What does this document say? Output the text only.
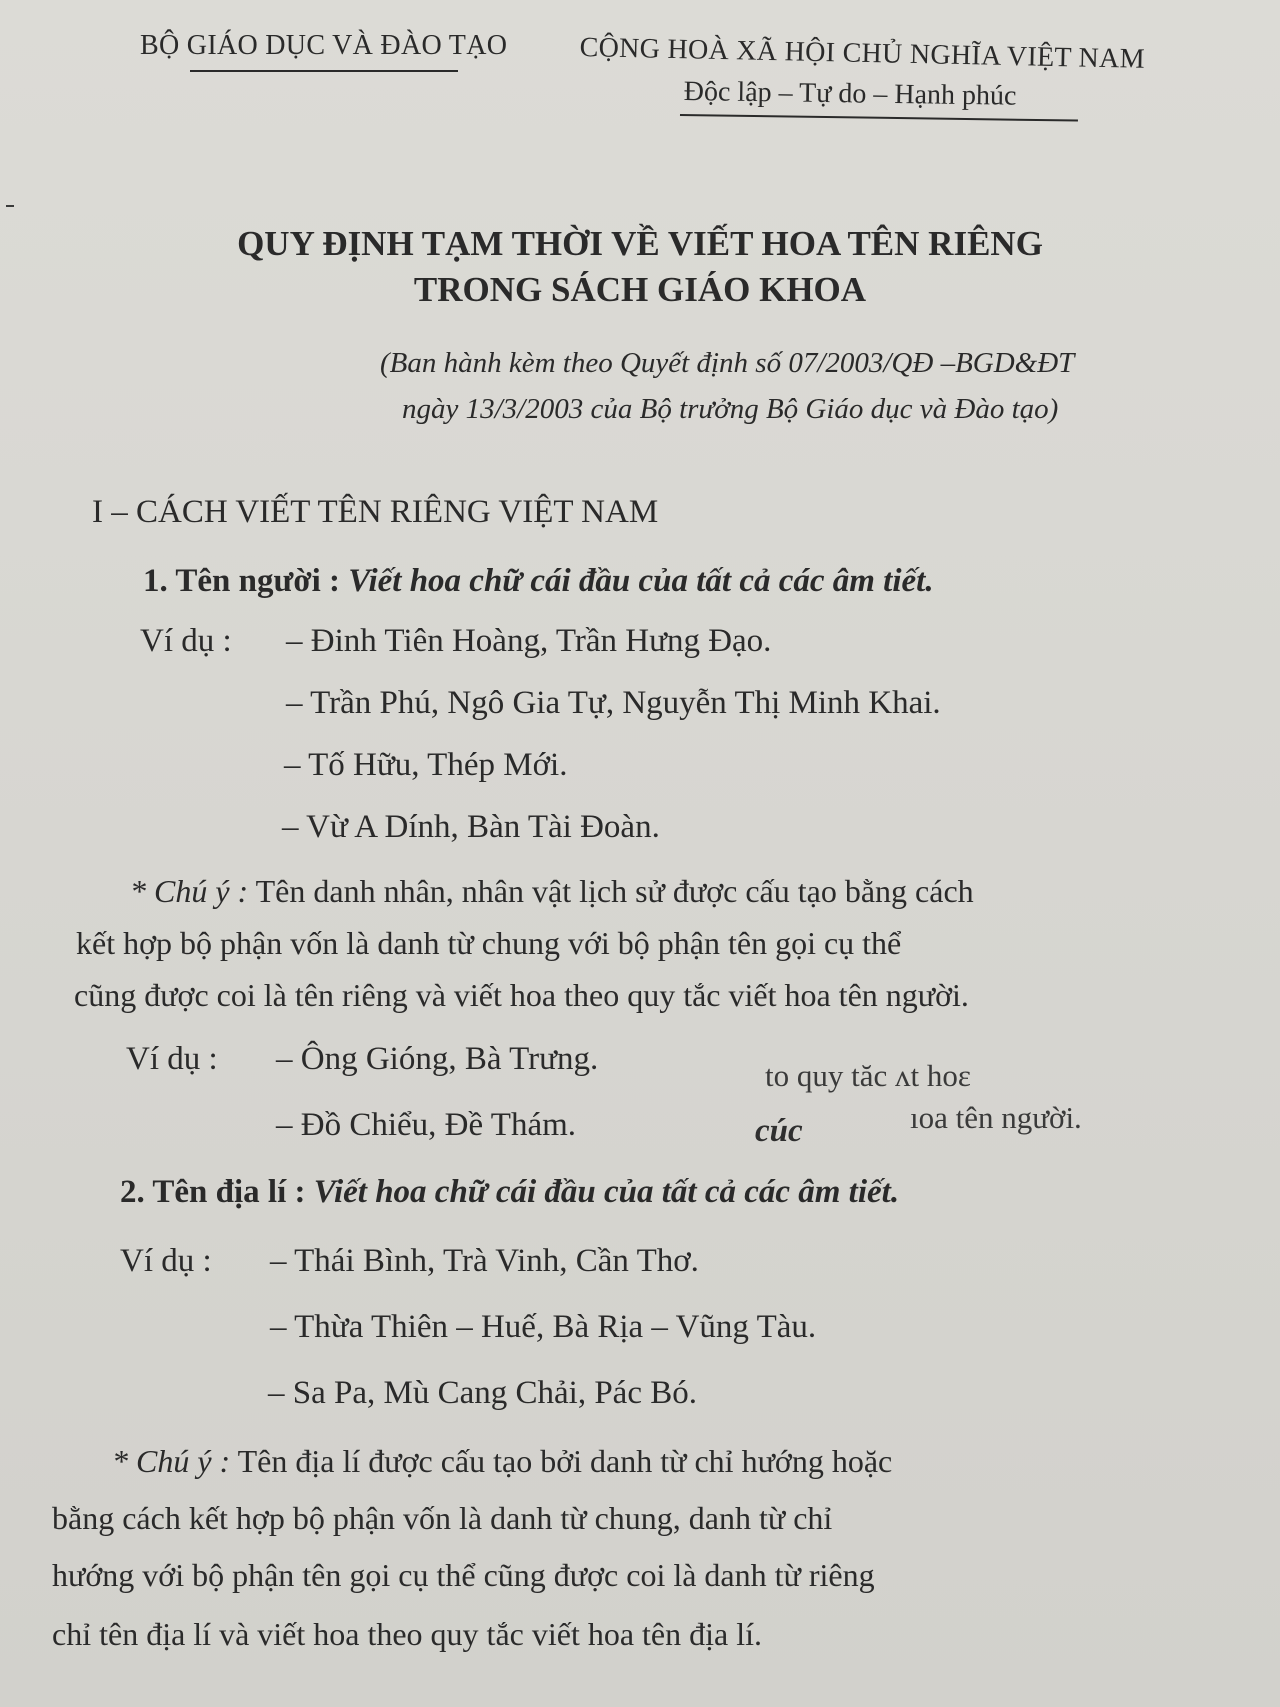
BỘ GIÁO DỤC VÀ ĐÀO TẠO	CỘNG HOÀ XÃ HỘI CHỦ NGHĨA VIỆT NAM
Độc lập – Tự do – Hạnh phúc
QUY ĐỊNH TẠM THỜI VỀ VIẾT HOA TÊN RIÊNG
TRONG SÁCH GIÁO KHOA
(Ban hành kèm theo Quyết định số 07/2003/QĐ –BGD&ĐT
ngày 13/3/2003 của Bộ trưởng Bộ Giáo dục và Đào tạo)
I – CÁCH VIẾT TÊN RIÊNG VIỆT NAM
1. Tên người : Viết hoa chữ cái đầu của tất cả các âm tiết.
Ví dụ : – Đinh Tiên Hoàng, Trần Hưng Đạo.
– Trần Phú, Ngô Gia Tự, Nguyễn Thị Minh Khai.
– Tố Hữu, Thép Mới.
– Vừ A Dính, Bàn Tài Đoàn.
* Chú ý : Tên danh nhân, nhân vật lịch sử được cấu tạo bằng cách
kết hợp bộ phận vốn là danh từ chung với bộ phận tên gọi cụ thể
cũng được coi là tên riêng và viết hoa theo quy tắc viết hoa tên người.
Ví dụ : – Ông Gióng, Bà Trưng.
– Đồ Chiểu, Đề Thám.
to quy tăc ʌt hoɛ
cúc	ıoa tên người.
2. Tên địa lí : Viết hoa chữ cái đầu của tất cả các âm tiết.
Ví dụ : – Thái Bình, Trà Vinh, Cần Thơ.
– Thừa Thiên – Huế, Bà Rịa – Vũng Tàu.
– Sa Pa, Mù Cang Chải, Pác Bó.
* Chú ý : Tên địa lí được cấu tạo bởi danh từ chỉ hướng hoặc
bằng cách kết hợp bộ phận vốn là danh từ chung, danh từ chỉ
hướng với bộ phận tên gọi cụ thể cũng được coi là danh từ riêng
chỉ tên địa lí và viết hoa theo quy tắc viết hoa tên địa lí.
